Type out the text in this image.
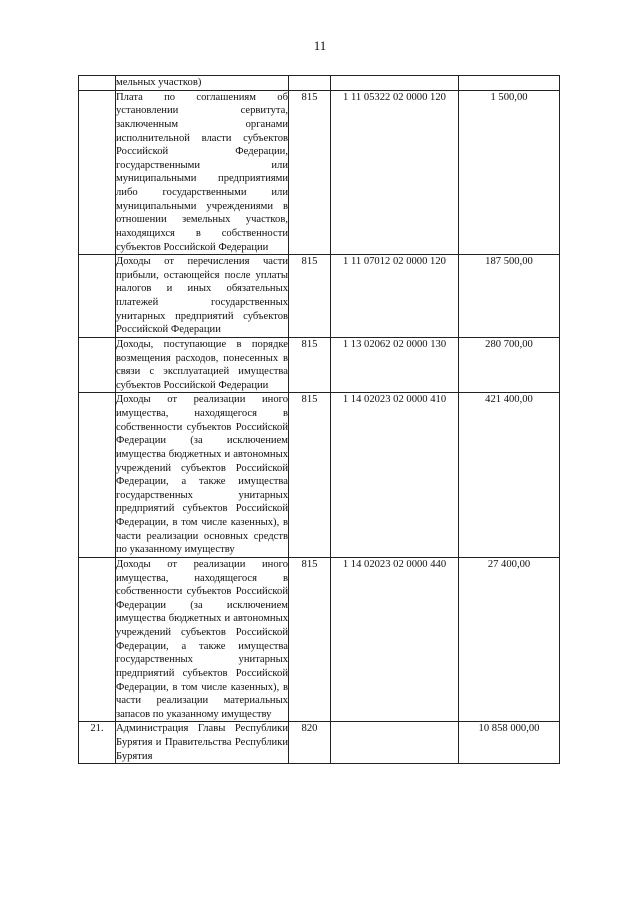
11
	мельных участков)			
	Плата по соглашениям об установлении сервитута, заключенным органами исполнительной власти субъектов Российской Федерации, государственными или муниципальными предприятиями либо государственными или муниципальными учреждениями в отношении земельных участков, находящихся в собственности субъектов Российской Федерации	815	1 11 05322 02 0000 120	1 500,00
	Доходы от перечисления части прибыли, остающейся после уплаты налогов и иных обязательных платежей государственных унитарных предприятий субъектов Российской Федерации	815	1 11 07012 02 0000 120	187 500,00
	Доходы, поступающие в порядке возмещения расходов, понесенных в связи с эксплуатацией имущества субъектов Российской Федерации	815	1 13 02062 02 0000 130	280 700,00
	Доходы от реализации иного имущества, находящегося в собственности субъектов Российской Федерации (за исключением имущества бюджетных и автономных учреждений субъектов Российской Федерации, а также имущества государственных унитарных предприятий субъектов Российской Федерации, в том числе казенных), в части реализации основных средств по указанному имуществу	815	1 14 02023 02 0000 410	421 400,00
	Доходы от реализации иного имущества, находящегося в собственности субъектов Российской Федерации (за исключением имущества бюджетных и автономных учреждений субъектов Российской Федерации, а также имущества государственных унитарных предприятий субъектов Российской Федерации, в том числе казенных), в части реализации материальных запасов по указанному имуществу	815	1 14 02023 02 0000 440	27 400,00
21.	Администрация Главы Республики Бурятия и Правительства Республики Бурятия	820		10 858 000,00
